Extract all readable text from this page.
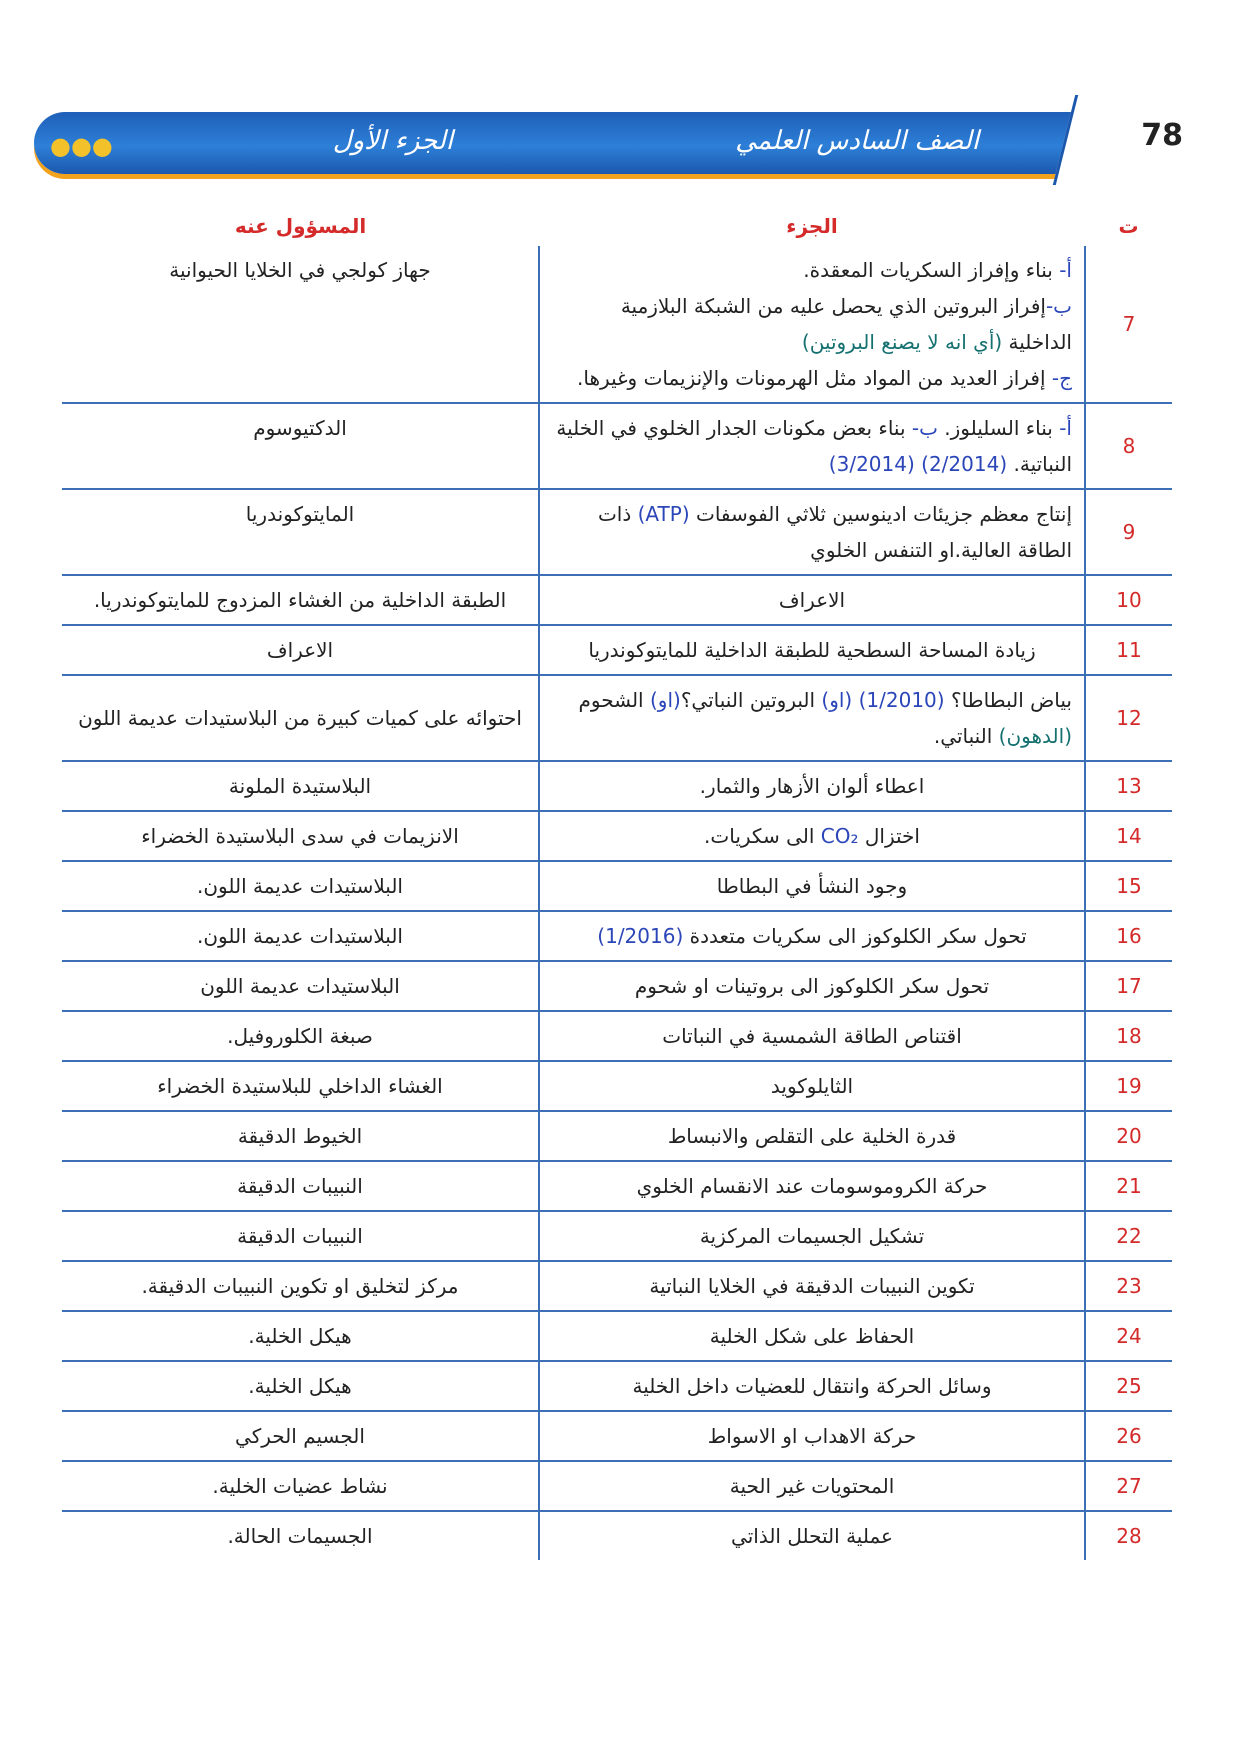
●●●	الصف السادس العلمي
الجزء الأول	78
ت	الجزء	المسؤول عنه
7	أ- بناء وإفراز السكريات المعقدة.
ب-إفراز البروتين الذي يحصل عليه من الشبكة البلازمية الداخلية (أي انه لا يصنع البروتين)
ج- إفراز العديد من المواد مثل الهرمونات والإنزيمات وغيرها.	جهاز كولجي في الخلايا الحيوانية
8	أ- بناء السليلوز. ب- بناء بعض مكونات الجدار الخلوي في الخلية النباتية. (2/2014) (3/2014)	الدكتيوسوم
9	إنتاج معظم جزيئات ادينوسين ثلاثي الفوسفات (ATP) ذات الطاقة العالية.او التنفس الخلوي	المايتوكوندريا
10	الاعراف	الطبقة الداخلية من الغشاء المزدوج للمايتوكوندريا.
11	زيادة المساحة السطحية للطبقة الداخلية للمايتوكوندريا	الاعراف
12	بياض البطاطا؟ (1/2010) (او) البروتين النباتي؟(او) الشحوم (الدهون) النباتي.	احتوائه على كميات كبيرة من البلاستيدات عديمة اللون
13	اعطاء ألوان الأزهار والثمار.	البلاستيدة الملونة
14	اختزال CO₂ الى سكريات.	الانزيمات في سدى البلاستيدة الخضراء
15	وجود النشأ في البطاطا	البلاستيدات عديمة اللون.
16	تحول سكر الكلوكوز الى سكريات متعددة (1/2016)	البلاستيدات عديمة اللون.
17	تحول سكر الكلوكوز الى بروتينات او شحوم	البلاستيدات عديمة اللون
18	اقتناص الطاقة الشمسية في النباتات	صبغة الكلوروفيل.
19	الثايلوكويد	الغشاء الداخلي للبلاستيدة الخضراء
20	قدرة الخلية على التقلص والانبساط	الخيوط الدقيقة
21	حركة الكروموسومات عند الانقسام الخلوي	النبيبات الدقيقة
22	تشكيل الجسيمات المركزية	النبيبات الدقيقة
23	تكوين النبيبات الدقيقة في الخلايا النباتية	مركز لتخليق او تكوين النبيبات الدقيقة.
24	الحفاظ على شكل الخلية	هيكل الخلية.
25	وسائل الحركة وانتقال للعضيات داخل الخلية	هيكل الخلية.
26	حركة الاهداب او الاسواط	الجسيم الحركي
27	المحتويات غير الحية	نشاط عضيات الخلية.
28	عملية التحلل الذاتي	الجسيمات الحالة.
